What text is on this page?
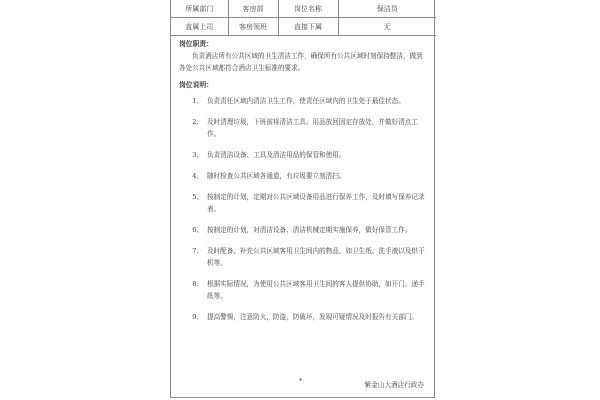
所属部门	客房部	岗位名称	保洁员
直属上司	客房领班	直接下属	无

岗位职责：

负责酒店所有公共区域的卫生清洁工作，确保所有公共区域时刻保持整洁，做到各处公共区域都符合酒店卫生标准的要求。

岗位说明：

1、 负责责任区域内清洁卫生工作，使责任区域内的卫生处于最佳状态。
2、 及时清理垃圾，下班前将清洁工具、用品放回固定存放处，并做好清点工作。
3、 负责清洁设备、工具及清洁用品的保管和使用。
4、 随时检查公共区域各通道，有垃圾要立刻清扫。
5、 按制定的计划，定期对公共区域设备用品进行保养工作，及时填写保养记录表。
6、 按制定的计划，对清洁设备、清洁机械定期实施保养，做好保管工作。
7、 及时配备、补充公共区域客用卫生间内的物品，如卫生纸、洗手液以及烘干机等。
8、 根据实际情况，为使用公共区域客用卫生间的客人提供协助，如开门、递手纸等。
9、 提高警惕，注意防火，防盗，防破坏，发现可疑情况及时报告有关部门。
*	紫金山大酒店行政办
